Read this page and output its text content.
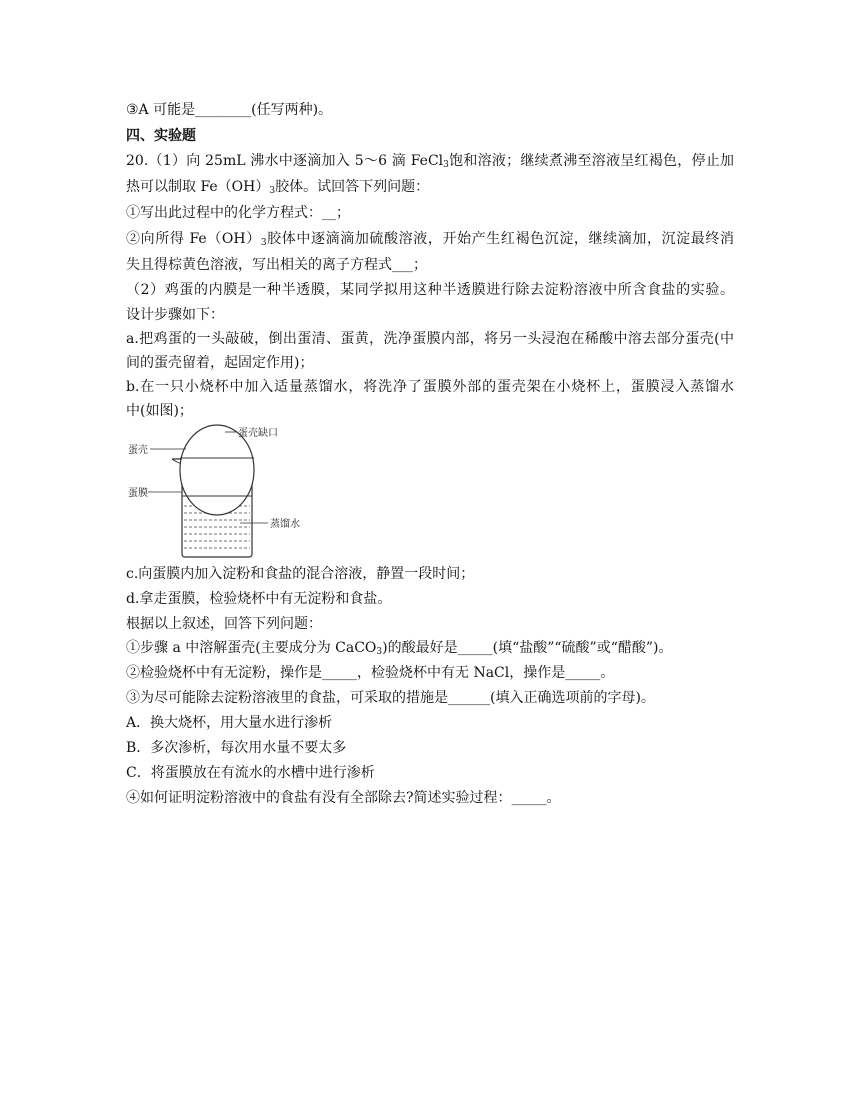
③A 可能是________(任写两种)。
四、实验题
20.（1）向 25mL 沸水中逐滴加入 5～6 滴 FeCl$_3$饱和溶液；继续煮沸至溶液呈红褐色，停止加
热可以制取 $Fe(OH)_3$胶体。试回答下列问题：
①写出此过程中的化学方程式：__；
②向所得 $Fe(OH)_3$胶体中逐滴滴加硫酸溶液，开始产生红褐色沉淀，继续滴加，沉淀最终消
失且得棕黄色溶液，写出相关的离子方程式___；
（2）鸡蛋的内膜是一种半透膜，某同学拟用这种半透膜进行除去淀粉溶液中所含食盐的实验。
设计步骤如下：
a.把鸡蛋的一头敲破，倒出蛋清、蛋黄，洗净蛋膜内部，将另一头浸泡在稀酸中溶去部分蛋壳(中
间的蛋壳留着，起固定作用)；
b.在一只小烧杯中加入适量蒸馏水，将洗净了蛋膜外部的蛋壳架在小烧杯上，蛋膜浸入蒸馏水
中(如图)；
蛋壳
蛋膜
蛋壳缺口
蒸馏水
c.向蛋膜内加入淀粉和食盐的混合溶液，静置一段时间；
d.拿走蛋膜，检验烧杯中有无淀粉和食盐。
根据以上叙述，回答下列问题：
①步骤 a 中溶解蛋壳(主要成分为 CaCO$_3$)的酸最好是_____(填“盐酸”“硫酸”或“醋酸”)。
②检验烧杯中有无淀粉，操作是_____，检验烧杯中有无 NaCl，操作是_____。
③为尽可能除去淀粉溶液里的食盐，可采取的措施是______(填入正确选项前的字母)。
A．换大烧杯，用大量水进行渗析
B．多次渗析，每次用水量不要太多
C．将蛋膜放在有流水的水槽中进行渗析
④如何证明淀粉溶液中的食盐有没有全部除去?简述实验过程：_____。
